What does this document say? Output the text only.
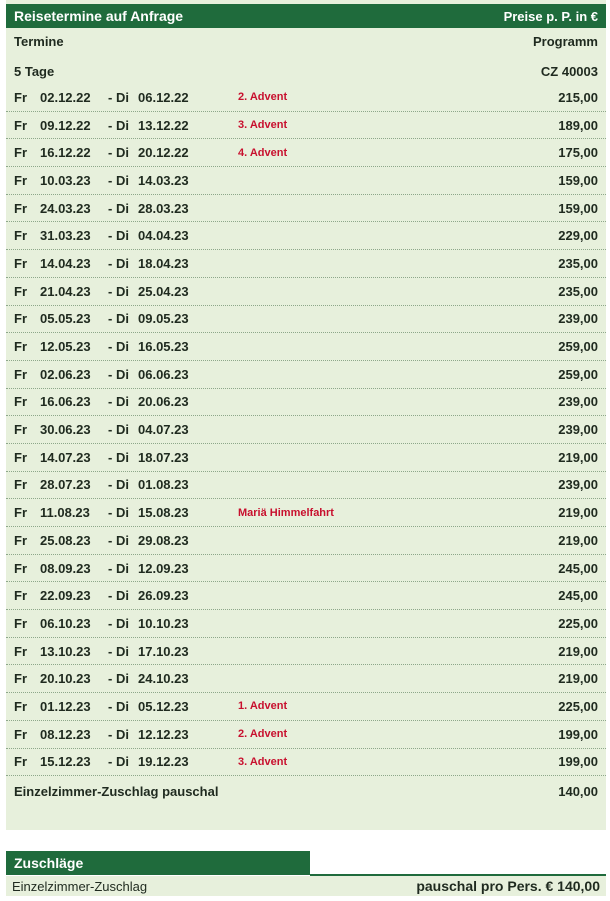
Reisetermine auf Anfrage	Preise p. P. in €
Termine	Programm
5 Tage	CZ 40003
Fr	02.12.22	- Di 06.12.22	2. Advent	215,00
Fr	09.12.22	- Di 13.12.22	3. Advent	189,00
Fr	16.12.22	- Di 20.12.22	4. Advent	175,00
Fr	10.03.23	- Di 14.03.23	159,00
Fr	24.03.23	- Di 28.03.23	159,00
Fr	31.03.23	- Di 04.04.23	229,00
Fr	14.04.23	- Di 18.04.23	235,00
Fr	21.04.23	- Di 25.04.23	235,00
Fr	05.05.23	- Di 09.05.23	239,00
Fr	12.05.23	- Di 16.05.23	259,00
Fr	02.06.23	- Di 06.06.23	259,00
Fr	16.06.23	- Di 20.06.23	239,00
Fr	30.06.23	- Di 04.07.23	239,00
Fr	14.07.23	- Di 18.07.23	219,00
Fr	28.07.23	- Di 01.08.23	239,00
Fr	11.08.23	- Di 15.08.23	Mariä Himmelfahrt	219,00
Fr	25.08.23	- Di 29.08.23	219,00
Fr	08.09.23	- Di 12.09.23	245,00
Fr	22.09.23	- Di 26.09.23	245,00
Fr	06.10.23	- Di 10.10.23	225,00
Fr	13.10.23	- Di 17.10.23	219,00
Fr	20.10.23	- Di 24.10.23	219,00
Fr	01.12.23	- Di 05.12.23	1. Advent	225,00
Fr	08.12.23	- Di 12.12.23	2. Advent	199,00
Fr	15.12.23	- Di 19.12.23	3. Advent	199,00
Einzelzimmer-Zuschlag pauschal	140,00
Zuschläge
Einzelzimmer-Zuschlag	pauschal pro Pers. € 140,00
